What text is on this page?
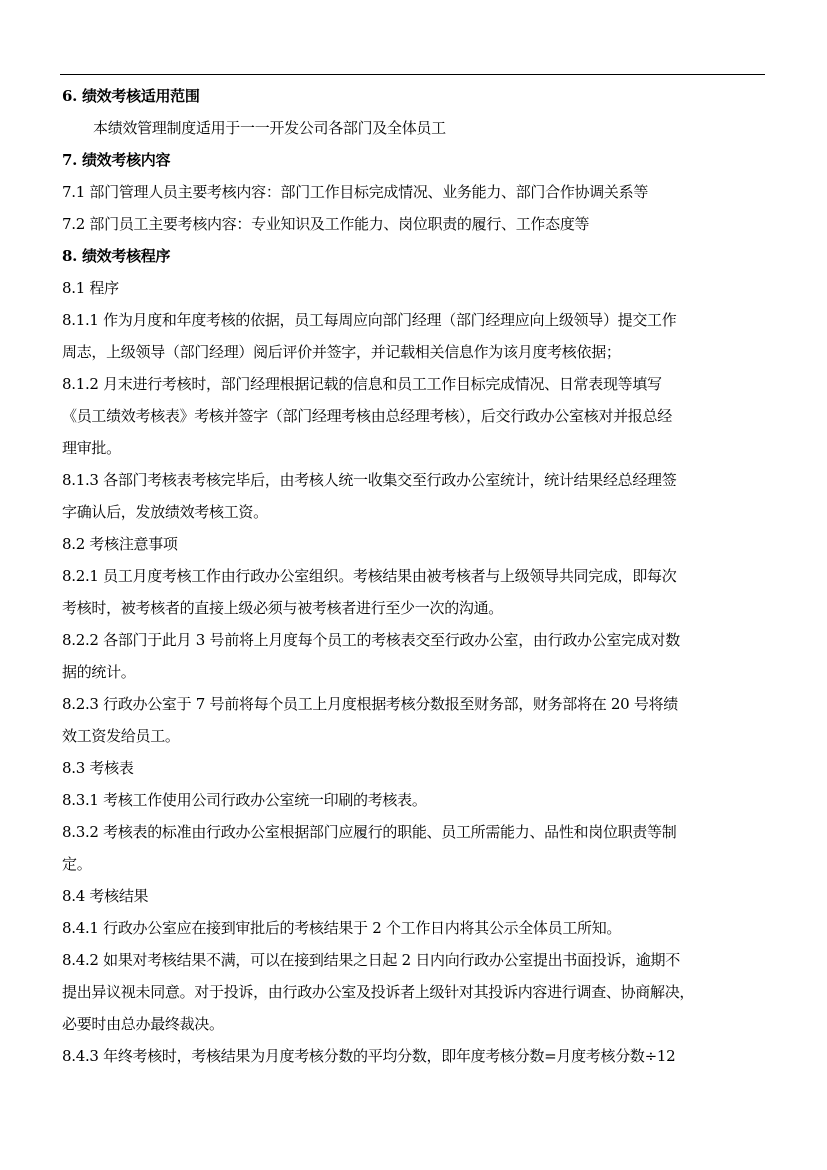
6. 绩效考核适用范围
本绩效管理制度适用于一一开发公司各部门及全体员工
7. 绩效考核内容
7.1 部门管理人员主要考核内容：部门工作目标完成情况、业务能力、部门合作协调关系等
7.2 部门员工主要考核内容：专业知识及工作能力、岗位职责的履行、工作态度等
8. 绩效考核程序
8.1 程序
8.1.1 作为月度和年度考核的依据，员工每周应向部门经理（部门经理应向上级领导）提交工作
周志，上级领导（部门经理）阅后评价并签字，并记载相关信息作为该月度考核依据；
8.1.2 月末进行考核时，部门经理根据记载的信息和员工工作目标完成情况、日常表现等填写
《员工绩效考核表》考核并签字（部门经理考核由总经理考核），后交行政办公室核对并报总经
理审批。
8.1.3 各部门考核表考核完毕后，由考核人统一收集交至行政办公室统计，统计结果经总经理签
字确认后，发放绩效考核工资。
8.2 考核注意事项
8.2.1 员工月度考核工作由行政办公室组织。考核结果由被考核者与上级领导共同完成，即每次
考核时，被考核者的直接上级必须与被考核者进行至少一次的沟通。
8.2.2 各部门于此月 3 号前将上月度每个员工的考核表交至行政办公室，由行政办公室完成对数
据的统计。
8.2.3 行政办公室于 7 号前将每个员工上月度根据考核分数报至财务部，财务部将在 20 号将绩
效工资发给员工。
8.3 考核表
8.3.1 考核工作使用公司行政办公室统一印刷的考核表。
8.3.2 考核表的标准由行政办公室根据部门应履行的职能、员工所需能力、品性和岗位职责等制
定。
8.4 考核结果
8.4.1 行政办公室应在接到审批后的考核结果于 2 个工作日内将其公示全体员工所知。
8.4.2 如果对考核结果不满，可以在接到结果之日起 2 日内向行政办公室提出书面投诉，逾期不
提出异议视未同意。对于投诉，由行政办公室及投诉者上级针对其投诉内容进行调查、协商解决，
必要时由总办最终裁决。
8.4.3 年终考核时，考核结果为月度考核分数的平均分数，即年度考核分数=月度考核分数÷12
